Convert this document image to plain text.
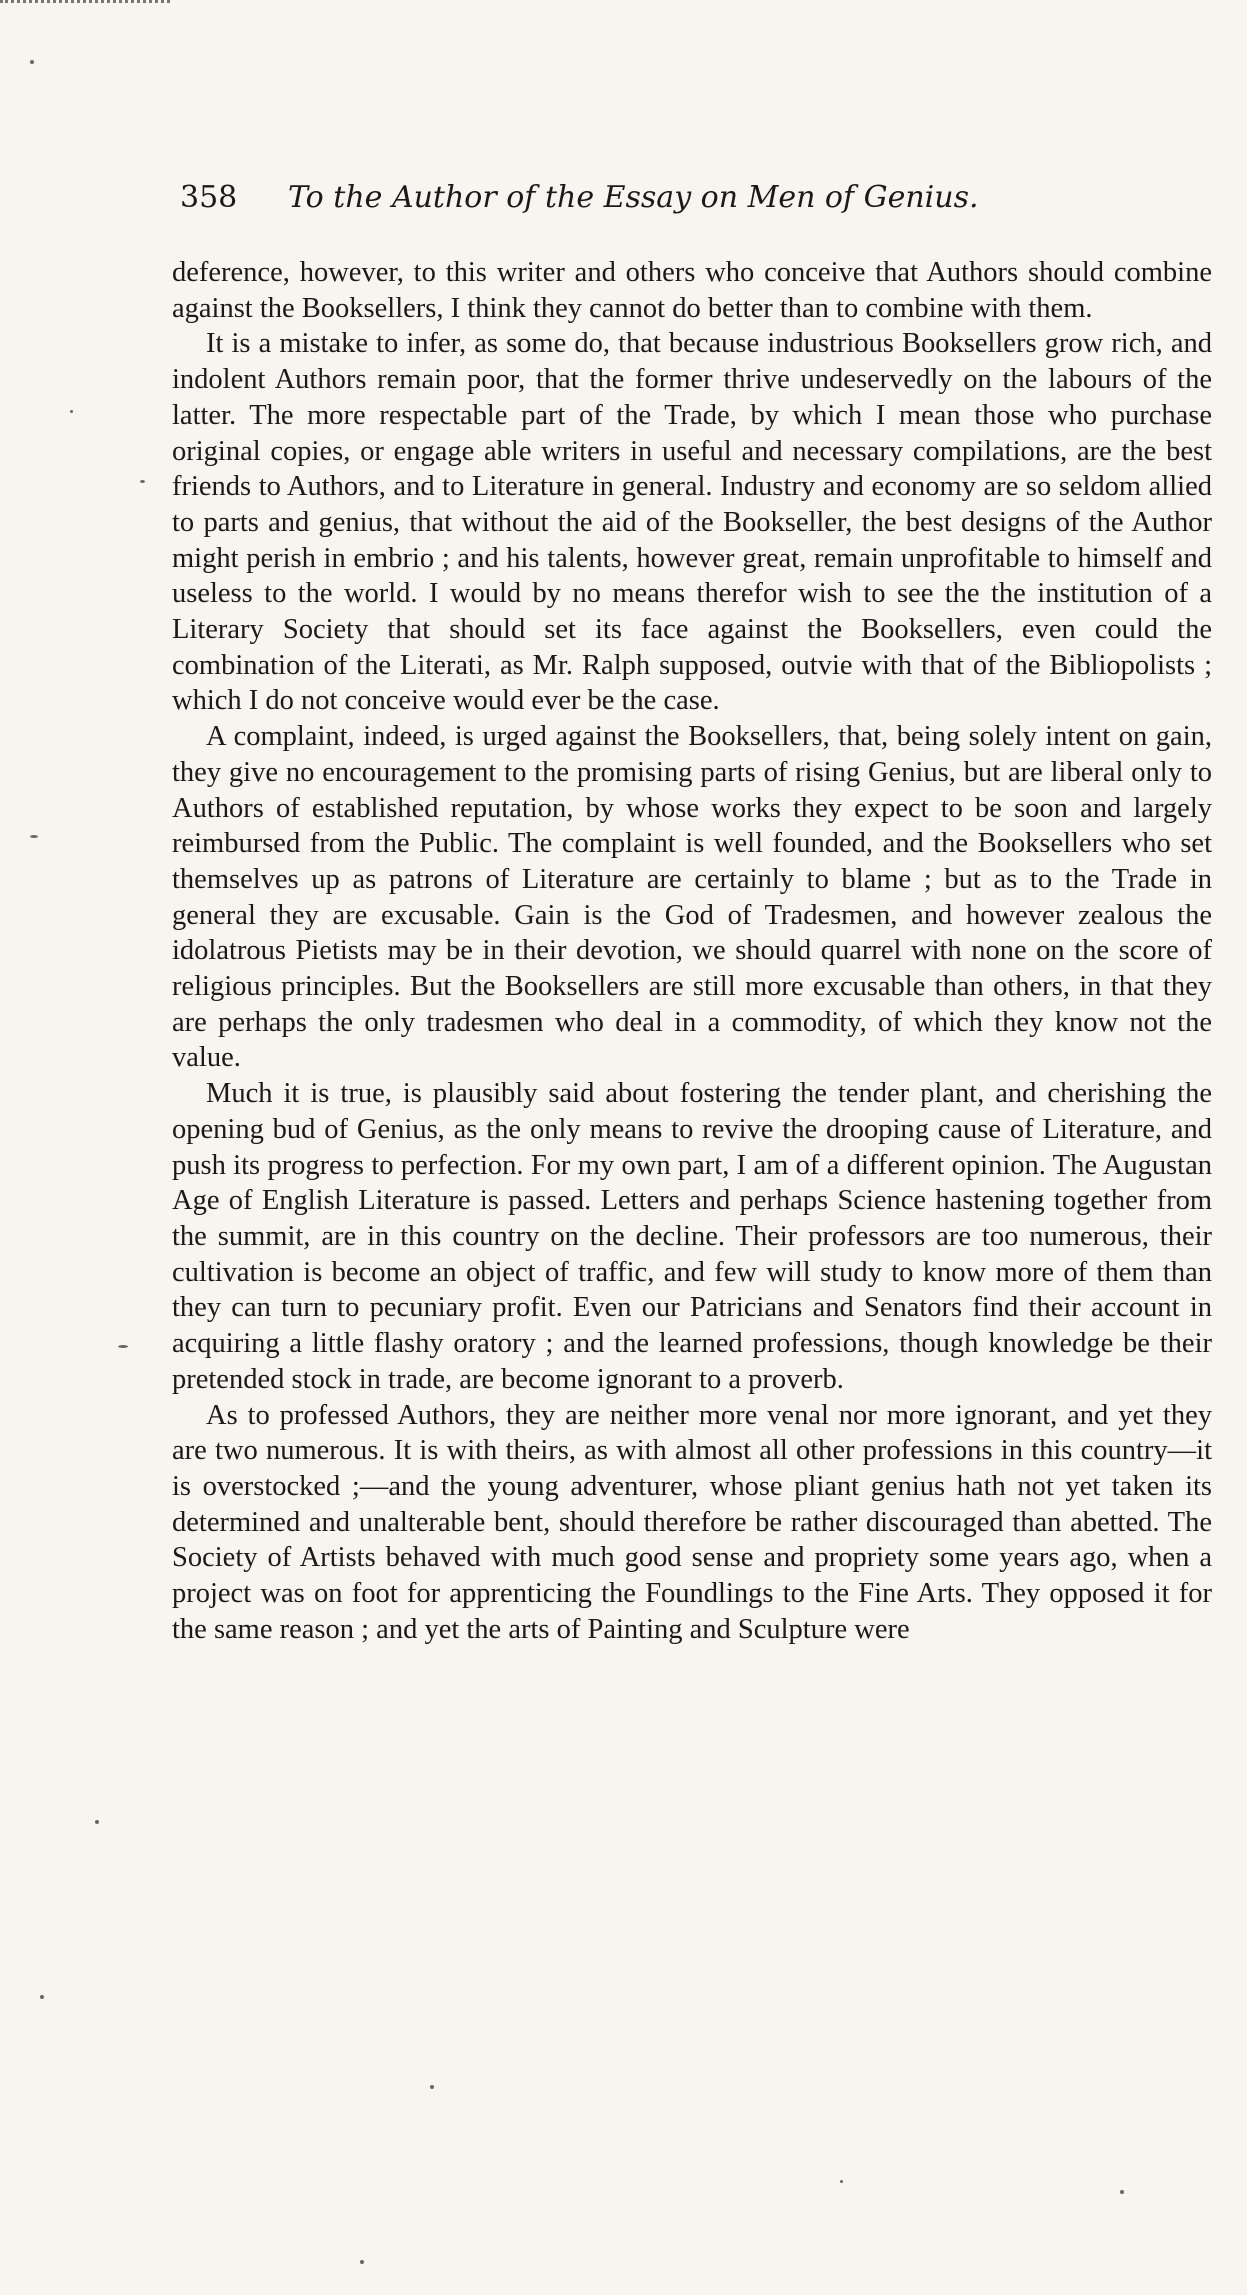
358 To the Author of the Essay on Men of Genius.

deference, however, to this writer and others who conceive that Authors should combine against the Booksellers, I think they cannot do better than to combine with them.

It is a mistake to infer, as some do, that because industrious Booksellers grow rich, and indolent Authors remain poor, that the former thrive undeservedly on the labours of the latter. The more respectable part of the Trade, by which I mean those who purchase original copies, or engage able writers in useful and necessary compilations, are the best friends to Authors, and to Literature in general. Industry and economy are so seldom allied to parts and genius, that without the aid of the Bookseller, the best designs of the Author might perish in embrio ; and his talents, however great, remain unprofitable to himself and useless to the world. I would by no means therefor wish to see the the institution of a Literary Society that should set its face against the Booksellers, even could the combination of the Literati, as Mr. Ralph supposed, outvie with that of the Bibliopolists ; which I do not conceive would ever be the case.

A complaint, indeed, is urged against the Booksellers, that, being solely intent on gain, they give no encouragement to the promising parts of rising Genius, but are liberal only to Authors of established reputation, by whose works they expect to be soon and largely reimbursed from the Public. The complaint is well founded, and the Booksellers who set themselves up as patrons of Literature are certainly to blame ; but as to the Trade in general they are excusable. Gain is the God of Tradesmen, and however zealous the idolatrous Pietists may be in their devotion, we should quarrel with none on the score of religious principles. But the Booksellers are still more excusable than others, in that they are perhaps the only tradesmen who deal in a commodity, of which they know not the value.

Much it is true, is plausibly said about fostering the tender plant, and cherishing the opening bud of Genius, as the only means to revive the drooping cause of Literature, and push its progress to perfection. For my own part, I am of a different opinion. The Augustan Age of English Literature is passed. Letters and perhaps Science hastening together from the summit, are in this country on the decline. Their professors are too numerous, their cultivation is become an object of traffic, and few will study to know more of them than they can turn to pecuniary profit. Even our Patricians and Senators find their account in acquiring a little flashy oratory ; and the learned professions, though knowledge be their pretended stock in trade, are become ignorant to a proverb.

As to professed Authors, they are neither more venal nor more ignorant, and yet they are two numerous. It is with theirs, as with almost all other professions in this country—it is overstocked ;—and the young adventurer, whose pliant genius hath not yet taken its determined and unalterable bent, should therefore be rather discouraged than abetted. The Society of Artists behaved with much good sense and propriety some years ago, when a project was on foot for apprenticing the Foundlings to the Fine Arts. They opposed it for the same reason ; and yet the arts of Painting and Sculpture were
